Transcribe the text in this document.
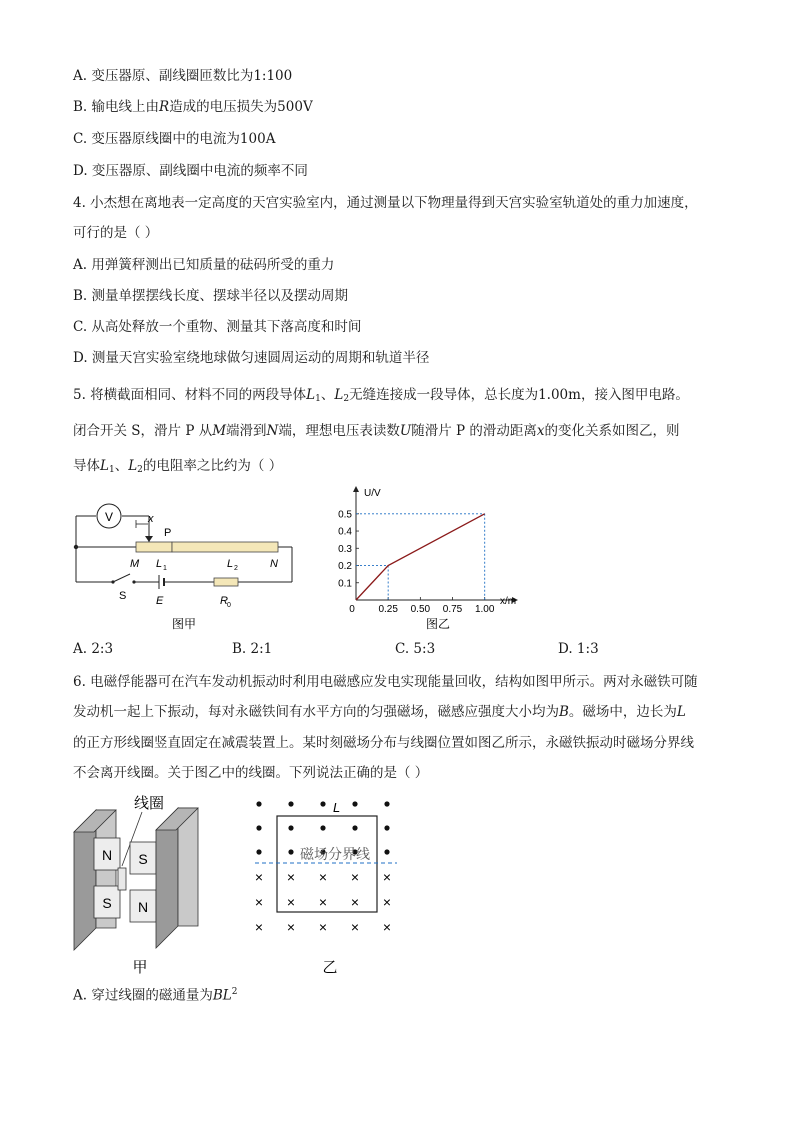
A. 变压器原、副线圈匝数比为1:100
B. 输电线上由R造成的电压损失为500V
C. 变压器原线圈中的电流为100A
D. 变压器原、副线圈中电流的频率不同
4. 小杰想在离地表一定高度的天宫实验室内，通过测量以下物理量得到天宫实验室轨道处的重力加速度，
可行的是（ ）
A. 用弹簧秤测出已知质量的砝码所受的重力
B. 测量单摆摆线长度、摆球半径以及摆动周期
C. 从高处释放一个重物、测量其下落高度和时间
D. 测量天宫实验室绕地球做匀速圆周运动的周期和轨道半径
5. 将横截面相同、材料不同的两段导体$L_1$、$L_2$无缝连接成一段导体，总长度为1.00m，接入图甲电路。
闭合开关 S，滑片 P 从M端滑到N端，理想电压表读数U随滑片 P 的滑动距离x的变化关系如图乙，则
导体$L_1$、$L_2$的电阻率之比约为（ ）
V	x
P
M L 1	L 2	N
S	E	R 0
图甲
U/V
x/m
0.1
0.2
0.3
0.4
0.5
0 0.25 0.50 0.75 1.00
图乙
A. 2:3	B. 2:1	C. 5:3	D. 1:3
6. 电磁俘能器可在汽车发动机振动时利用电磁感应发电实现能量回收，结构如图甲所示。两对永磁铁可随
发动机一起上下振动，每对永磁铁间有水平方向的匀强磁场，磁感应强度大小均为B。磁场中，边长为L
的正方形线圈竖直固定在减震装置上。某时刻磁场分布与线圈位置如图乙所示，永磁铁振动时磁场分界线
不会离开线圈。关于图乙中的线圈。下列说法正确的是（ ）
N
S
线圈
S
N
甲
× × × × ×
× × × × ×
× × × × ×
L
磁场分界线
乙
A. 穿过线圈的磁通量为$BL^2$
